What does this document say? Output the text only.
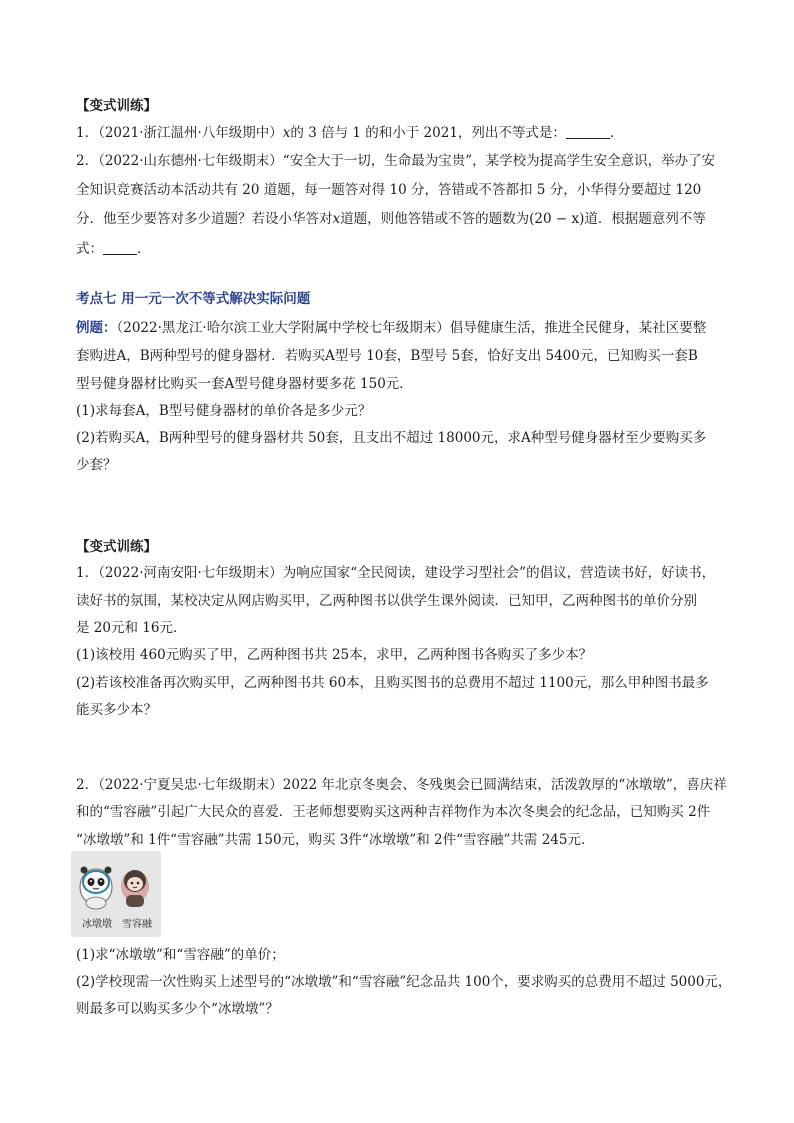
【变式训练】
1．（2021·浙江温州·八年级期中）x的 3 倍与 1 的和小于 2021，列出不等式是：	．
2．（2022·山东德州·七年级期末）“安全大于一切，生命最为宝贵”，某学校为提高学生安全意识，举办了安
全知识竞赛活动本活动共有 20 道题，每一题答对得 10 分，答错或不答都扣 5 分，小华得分要超过 120
分．他至少要答对多少道题？若设小华答对x道题，则他答错或不答的题数为(20 − x)道．根据题意列不等
式：	．
考点七 用一元一次不等式解决实际问题
例题：（2022·黑龙江·哈尔滨工业大学附属中学校七年级期末）倡导健康生活，推进全民健身，某社区要整
套购进A，B两种型号的健身器材．若购买A型号 10套，B型号 5套，恰好支出 5400元，已知购买一套B
型号健身器材比购买一套A型号健身器材要多花 150元．
(1)求每套A，B型号健身器材的单价各是多少元？
(2)若购买A，B两种型号的健身器材共 50套，且支出不超过 18000元，求A种型号健身器材至少要购买多
少套？
【变式训练】
1．（2022·河南安阳·七年级期末）为响应国家“全民阅读，建设学习型社会”的倡议，营造读书好，好读书，
读好书的氛围，某校决定从网店购买甲，乙两种图书以供学生课外阅读．已知甲，乙两种图书的单价分别
是 20元和 16元．
(1)该校用 460元购买了甲，乙两种图书共 25本，求甲，乙两种图书各购买了多少本？
(2)若该校准备再次购买甲，乙两种图书共 60本，且购买图书的总费用不超过 1100元，那么甲种图书最多
能买多少本？
2．（2022·宁夏吴忠·七年级期末）2022 年北京冬奥会、冬残奥会已圆满结束，活泼敦厚的“冰墩墩”，喜庆祥
和的“雪容融”引起广大民众的喜爱．王老师想要购买这两种吉祥物作为本次冬奥会的纪念品，已知购买 2件
“冰墩墩”和 1件“雪容融”共需 150元，购买 3件“冰墩墩”和 2件“雪容融”共需 245元．
冰墩墩 雪容融
(1)求“冰墩墩”和“雪容融”的单价；
(2)学校现需一次性购买上述型号的“冰墩墩”和“雪容融”纪念品共 100个，要求购买的总费用不超过 5000元，
则最多可以购买多少个“冰墩墩”？
